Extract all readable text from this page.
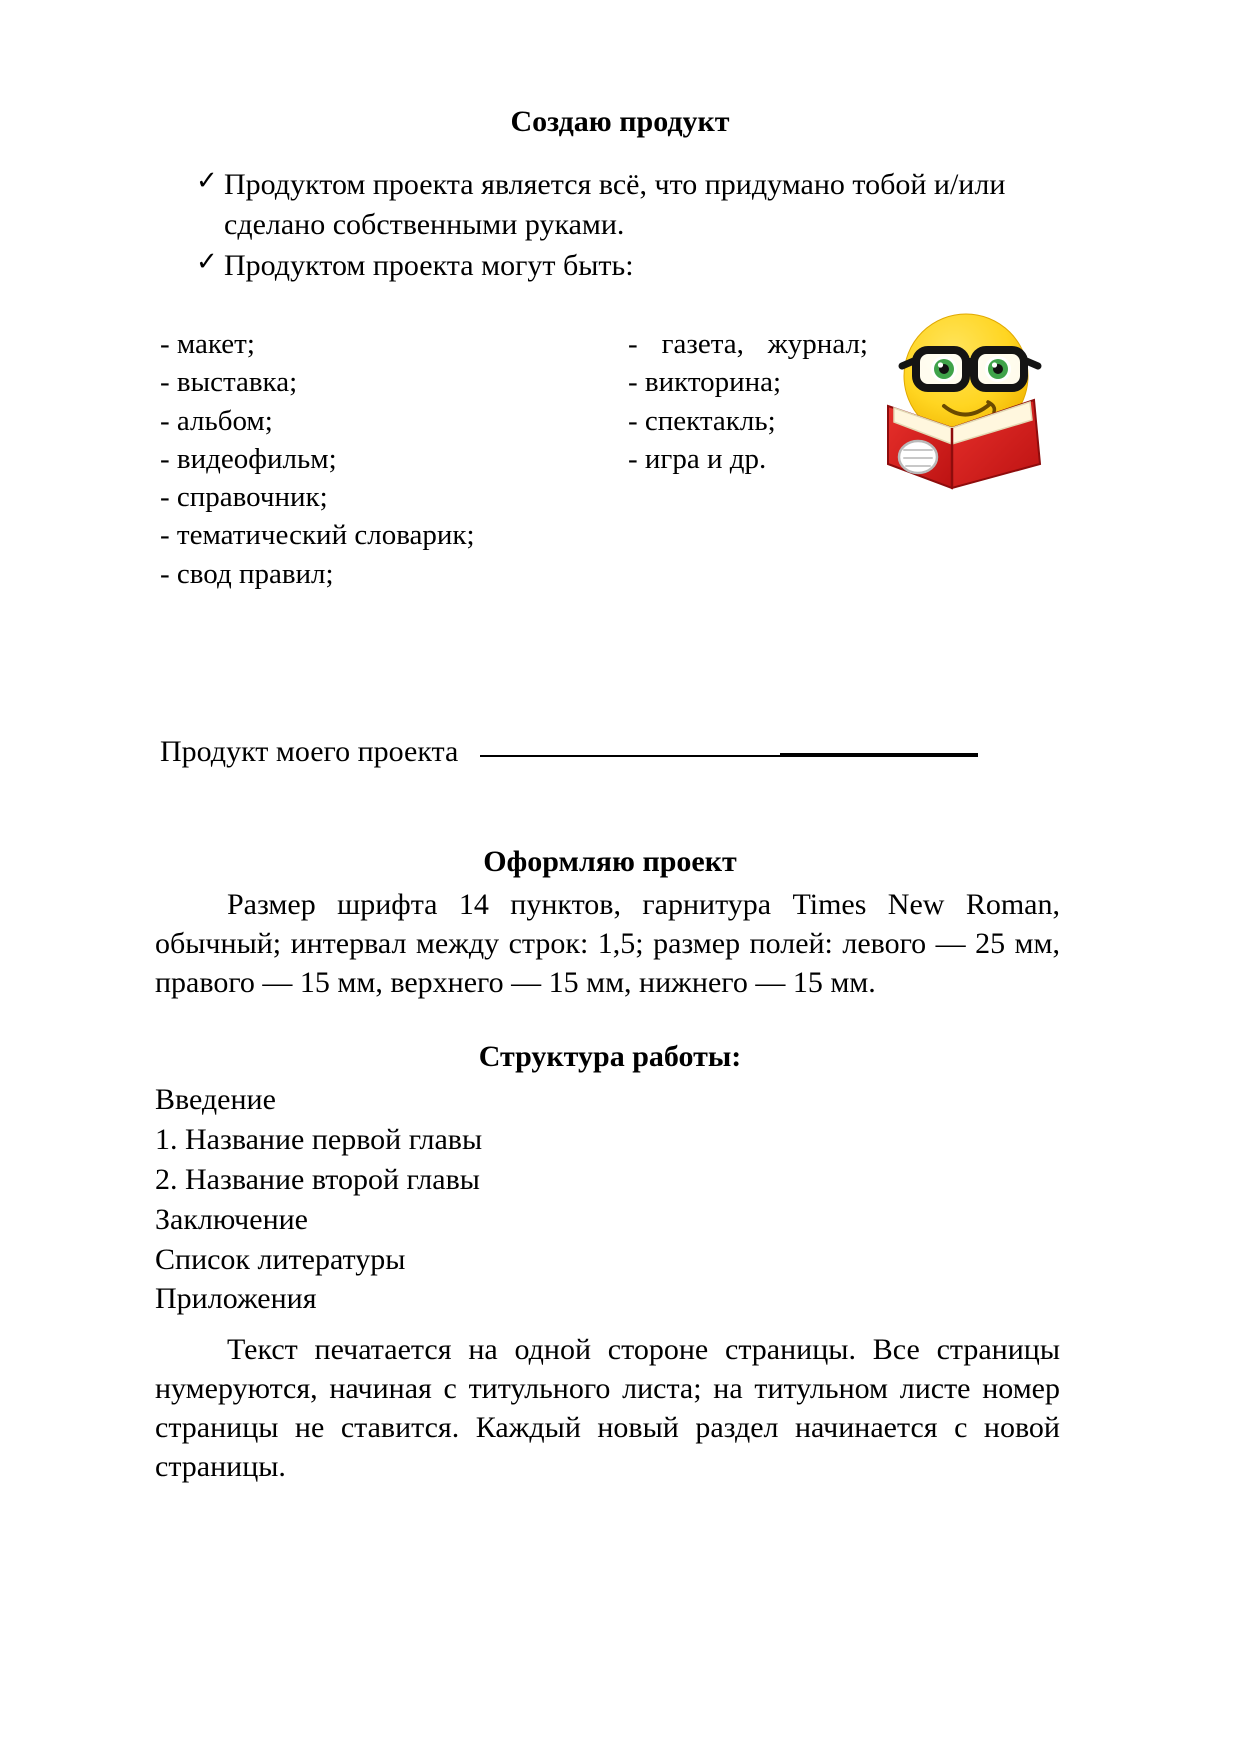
Создаю продукт
✓ Продуктом проекта является всё, что придумано тобой и/или сделано собственными руками.
✓ Продуктом проекта могут быть:
- макет;
- выставка;
- альбом;
- видеофильм;
- справочник;
- тематический словарик;
- свод правил;
- газета, журнал;
- викторина;
- спектакль;
- игра и др.
Продукт моего проекта
Оформляю проект
Размер шрифта 14 пунктов, гарнитура Times New Roman, обычный; интервал между строк: 1,5; размер полей: левого — 25 мм, правого — 15 мм, верхнего — 15 мм, нижнего — 15 мм.
Структура работы:
Введение
1. Название первой главы
2. Название второй главы
Заключение
Список литературы
Приложения
Текст печатается на одной стороне страницы. Все страницы нумеруются, начиная с титульного листа; на титульном листе номер страницы не ставится. Каждый новый раздел начинается с новой страницы.
